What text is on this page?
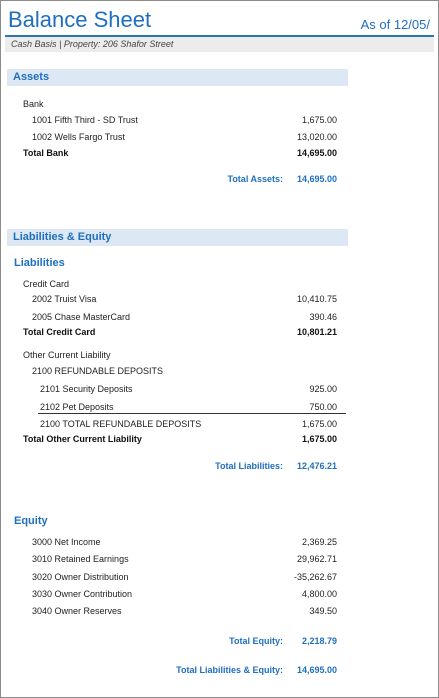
Balance Sheet	As of 12/05/
Cash Basis | Property: 206 Shafor Street
Assets
Bank
1001 Fifth Third - SD Trust	1,675.00
1002 Wells Fargo Trust	13,020.00
Total Bank	14,695.00
Total Assets: 14,695.00
Liabilities & Equity
Liabilities
Credit Card
2002 Truist Visa	10,410.75
2005 Chase MasterCard	390.46
Total Credit Card	10,801.21
Other Current Liability
2100 REFUNDABLE DEPOSITS
2101 Security Deposits	925.00
2102 Pet Deposits	750.00
2100 TOTAL REFUNDABLE DEPOSITS	1,675.00
Total Other Current Liability	1,675.00
Total Liabilities: 12,476.21
Equity
3000 Net Income	2,369.25
3010 Retained Earnings	29,962.71
3020 Owner Distribution	-35,262.67
3030 Owner Contribution	4,800.00
3040 Owner Reserves	349.50
Total Equity: 2,218.79
Total Liabilities & Equity: 14,695.00
